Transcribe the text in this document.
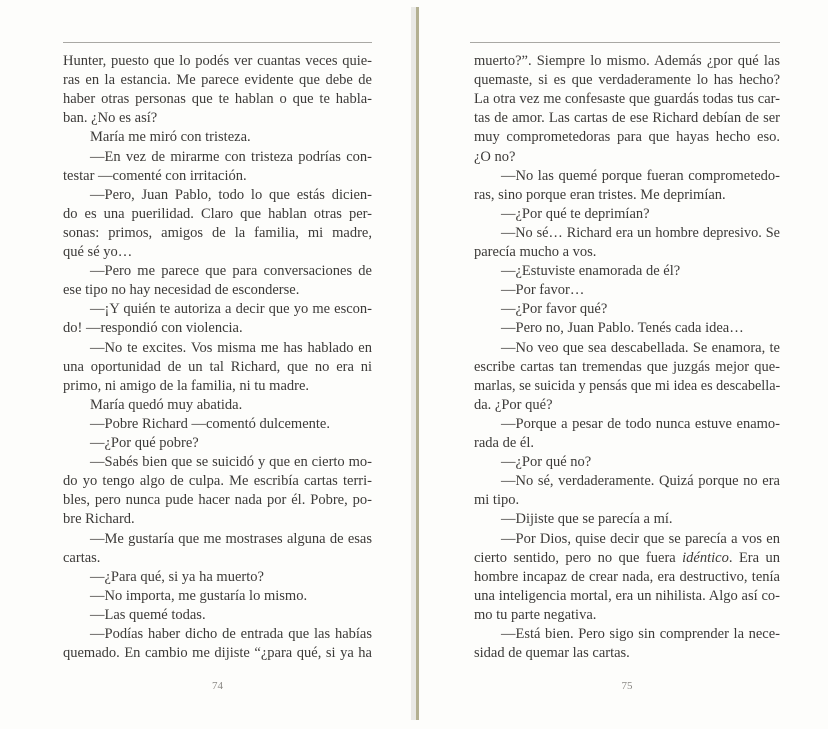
Hunter, puesto que lo podés ver cuantas veces quie-
ras en la estancia. Me parece evidente que debe de
haber otras personas que te hablan o que te habla-
ban. ¿No es así?
María me miró con tristeza.
—En vez de mirarme con tristeza podrías con-
testar —comenté con irritación.
—Pero, Juan Pablo, todo lo que estás dicien-
do es una puerilidad. Claro que hablan otras per-
sonas: primos, amigos de la familia, mi madre,
qué sé yo…
—Pero me parece que para conversaciones de
ese tipo no hay necesidad de esconderse.
—¡Y quién te autoriza a decir que yo me escon-
do! —respondió con violencia.
—No te excites. Vos misma me has hablado en
una oportunidad de un tal Richard, que no era ni
primo, ni amigo de la familia, ni tu madre.
María quedó muy abatida.
—Pobre Richard —comentó dulcemente.
—¿Por qué pobre?
—Sabés bien que se suicidó y que en cierto mo-
do yo tengo algo de culpa. Me escribía cartas terri-
bles, pero nunca pude hacer nada por él. Pobre, po-
bre Richard.
—Me gustaría que me mostrases alguna de esas
cartas.
—¿Para qué, si ya ha muerto?
—No importa, me gustaría lo mismo.
—Las quemé todas.
—Podías haber dicho de entrada que las habías
quemado. En cambio me dijiste “¿para qué, si ya ha
74
muerto?”. Siempre lo mismo. Además ¿por qué las
quemaste, si es que verdaderamente lo has hecho?
La otra vez me confesaste que guardás todas tus car-
tas de amor. Las cartas de ese Richard debían de ser
muy comprometedoras para que hayas hecho eso.
¿O no?
—No las quemé porque fueran comprometedo-
ras, sino porque eran tristes. Me deprimían.
—¿Por qué te deprimían?
—No sé… Richard era un hombre depresivo. Se
parecía mucho a vos.
—¿Estuviste enamorada de él?
—Por favor…
—¿Por favor qué?
—Pero no, Juan Pablo. Tenés cada idea…
—No veo que sea descabellada. Se enamora, te
escribe cartas tan tremendas que juzgás mejor que-
marlas, se suicida y pensás que mi idea es descabella-
da. ¿Por qué?
—Porque a pesar de todo nunca estuve enamo-
rada de él.
—¿Por qué no?
—No sé, verdaderamente. Quizá porque no era
mi tipo.
—Dijiste que se parecía a mí.
—Por Dios, quise decir que se parecía a vos en
cierto sentido, pero no que fuera idéntico. Era un
hombre incapaz de crear nada, era destructivo, tenía
una inteligencia mortal, era un nihilista. Algo así co-
mo tu parte negativa.
—Está bien. Pero sigo sin comprender la nece-
sidad de quemar las cartas.
75
